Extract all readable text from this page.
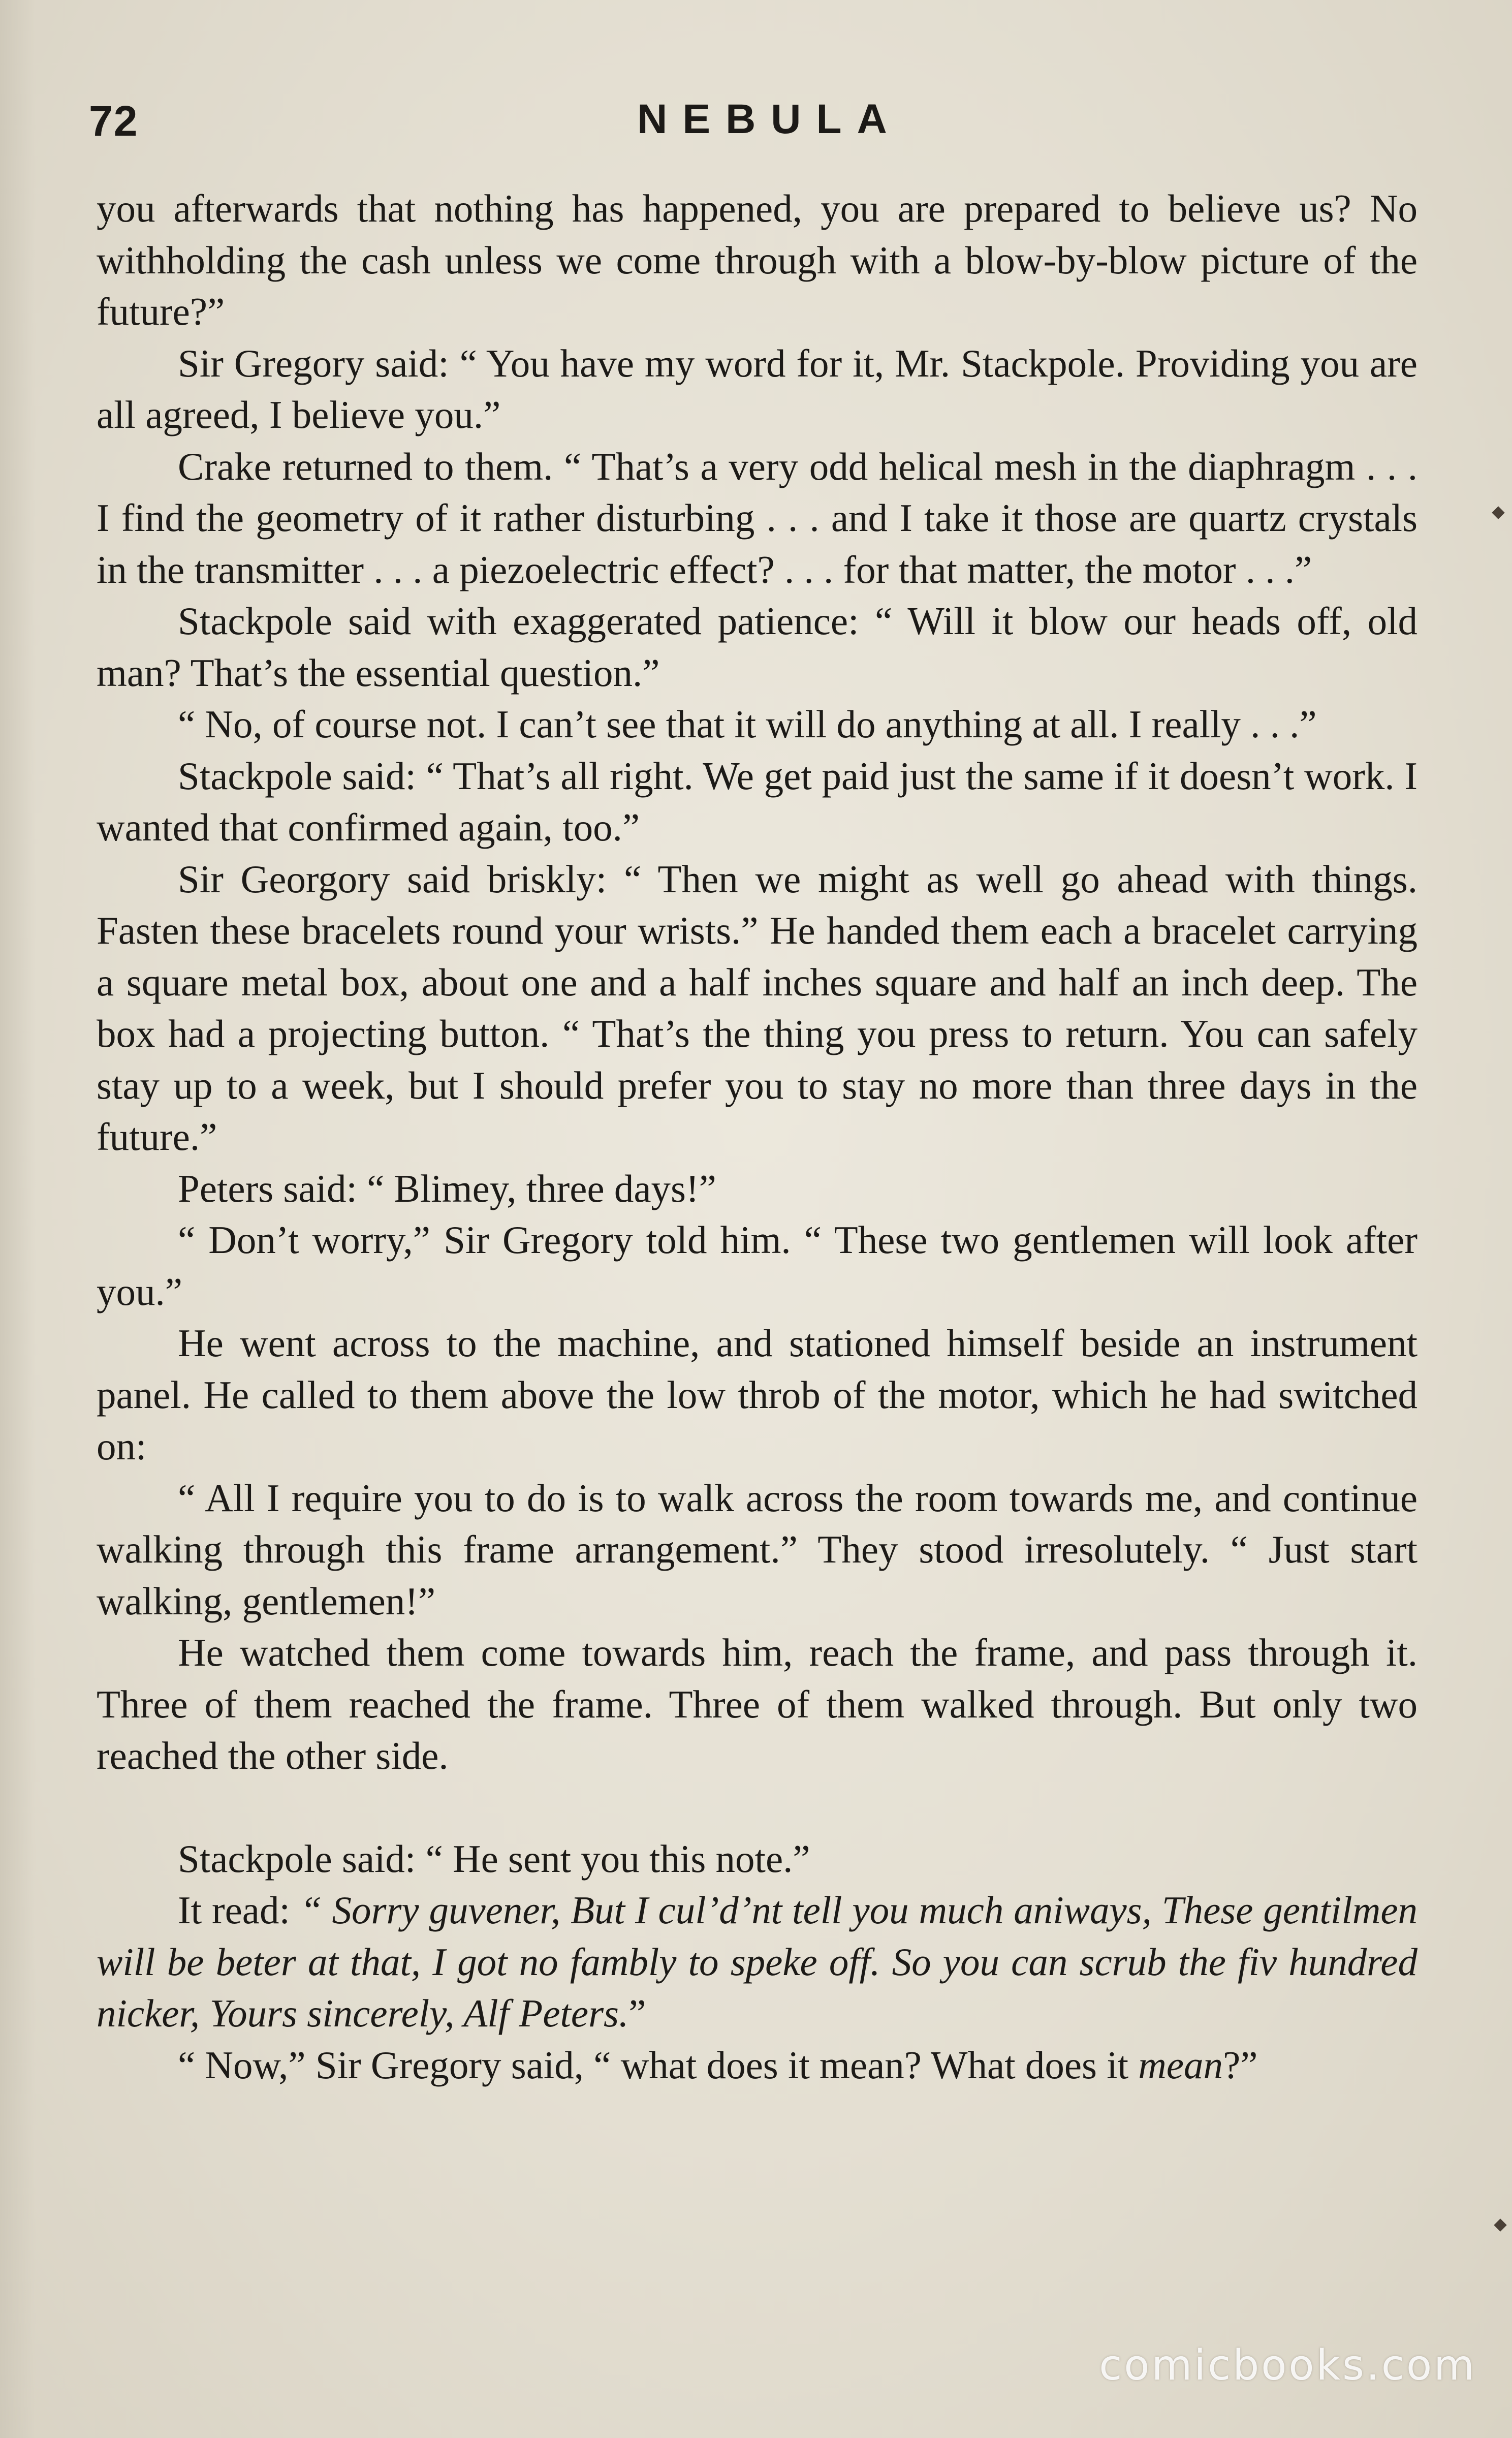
72	NEBULA

you afterwards that nothing has happened, you are prepared to believe us? No withholding the cash unless we come through with a blow-by-blow picture of the future?”

Sir Gregory said: “ You have my word for it, Mr. Stackpole. Providing you are all agreed, I believe you.”

Crake returned to them. “ That’s a very odd helical mesh in the diaphragm . . . I find the geometry of it rather disturbing . . . and I take it those are quartz crystals in the transmitter . . . a piezoelectric effect? . . . for that matter, the motor . . .”

Stackpole said with exaggerated patience: “ Will it blow our heads off, old man? That’s the essential question.”

“ No, of course not. I can’t see that it will do anything at all. I really . . .”

Stackpole said: “ That’s all right. We get paid just the same if it doesn’t work. I wanted that confirmed again, too.”

Sir Georgory said briskly: “ Then we might as well go ahead with things. Fasten these bracelets round your wrists.” He handed them each a bracelet carrying a square metal box, about one and a half inches square and half an inch deep. The box had a projecting button. “ That’s the thing you press to return. You can safely stay up to a week, but I should prefer you to stay no more than three days in the future.”

Peters said: “ Blimey, three days!”

“ Don’t worry,” Sir Gregory told him. “ These two gentlemen will look after you.”

He went across to the machine, and stationed himself beside an instrument panel. He called to them above the low throb of the motor, which he had switched on:

“ All I require you to do is to walk across the room towards me, and continue walking through this frame arrangement.” They stood irresolutely. “ Just start walking, gentlemen!”

He watched them come towards him, reach the frame, and pass through it. Three of them reached the frame. Three of them walked through. But only two reached the other side.

Stackpole said: “ He sent you this note.”

It read: “ Sorry guvener, But I cul’d’nt tell you much aniways, These gentilmen will be beter at that, I got no fambly to speke off. So you can scrub the fiv hundred nicker, Yours sincerely, Alf Peters.”

“ Now,” Sir Gregory said, “ what does it mean? What does it mean?”

comicbooks.com
